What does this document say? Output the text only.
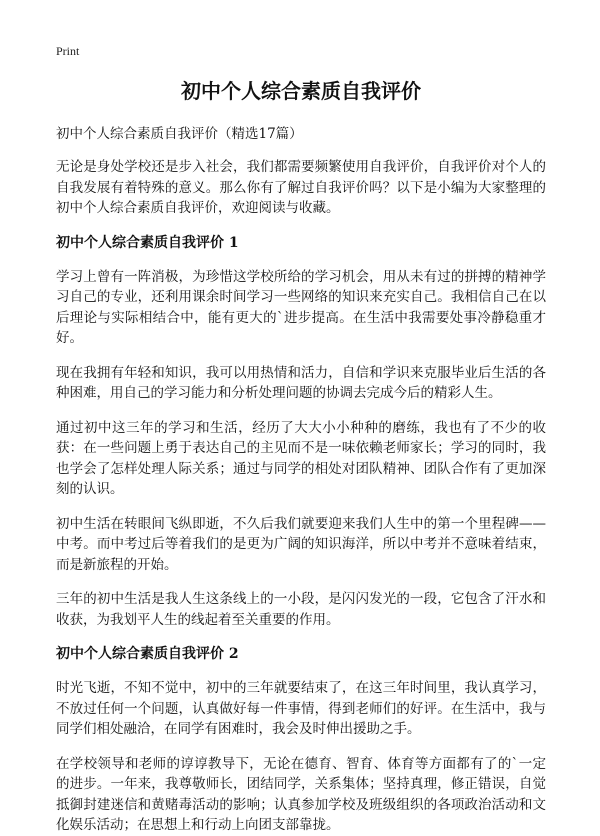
Print
初中个人综合素质自我评价
初中个人综合素质自我评价（精选17篇）

无论是身处学校还是步入社会，我们都需要频繁使用自我评价，自我评价对个人的自我发展有着特殊的意义。那么你有了解过自我评价吗？以下是小编为大家整理的初中个人综合素质自我评价，欢迎阅读与收藏。

初中个人综合素质自我评价 1

学习上曾有一阵消极，为珍惜这学校所给的学习机会，用从未有过的拼搏的精神学习自己的专业，还利用课余时间学习一些网络的知识来充实自己。我相信自己在以后理论与实际相结合中，能有更大的`进步提高。在生活中我需要处事冷静稳重才好。

现在我拥有年轻和知识，我可以用热情和活力，自信和学识来克服毕业后生活的各种困难，用自己的学习能力和分析处理问题的协调去完成今后的精彩人生。

通过初中这三年的学习和生活，经历了大大小小种种的磨练，我也有了不少的收获：在一些问题上勇于表达自己的主见而不是一味依赖老师家长；学习的同时，我也学会了怎样处理人际关系；通过与同学的相处对团队精神、团队合作有了更加深刻的认识。

初中生活在转眼间飞纵即逝，不久后我们就要迎来我们人生中的第一个里程碑——中考。而中考过后等着我们的是更为广阔的知识海洋，所以中考并不意味着结束，而是新旅程的开始。

三年的初中生活是我人生这条线上的一小段，是闪闪发光的一段，它包含了汗水和收获，为我划平人生的线起着至关重要的作用。

初中个人综合素质自我评价 2

时光飞逝，不知不觉中，初中的三年就要结束了，在这三年时间里，我认真学习，不放过任何一个问题，认真做好每一件事情，得到老师们的好评。在生活中，我与同学们相处融洽，在同学有困难时，我会及时伸出援助之手。

在学校领导和老师的谆谆教导下，无论在德育、智育、体育等方面都有了的`一定的进步。一年来，我尊敬师长，团结同学，关系集体；坚持真理，修正错误，自觉抵御封建迷信和黄赌毒活动的影响；认真参加学校及班级组织的各项政治活动和文化娱乐活动；在思想上和行动上向团支部靠拢。
